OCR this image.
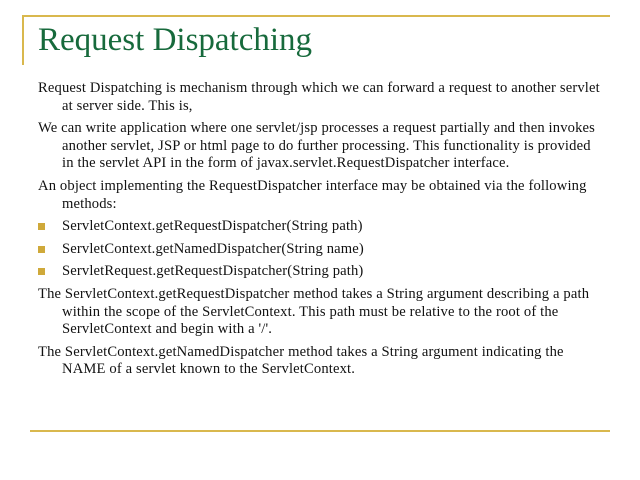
Request Dispatching

Request Dispatching is mechanism through which we can forward a request to another servlet at server side. This is,

We can write application where one servlet/jsp processes a request partially and then invokes another servlet, JSP or html page to do further processing. This functionality is provided in the servlet API in the form of javax.servlet.RequestDispatcher interface.

An object implementing the RequestDispatcher interface may be obtained via the following methods:

ServletContext.getRequestDispatcher(String path)
ServletContext.getNamedDispatcher(String name)
ServletRequest.getRequestDispatcher(String path)

The ServletContext.getRequestDispatcher method takes a String argument describing a path within the scope of the ServletContext. This path must be relative to the root of the ServletContext and begin with a '/'.

The ServletContext.getNamedDispatcher method takes a String argument indicating the NAME of a servlet known to the ServletContext.
